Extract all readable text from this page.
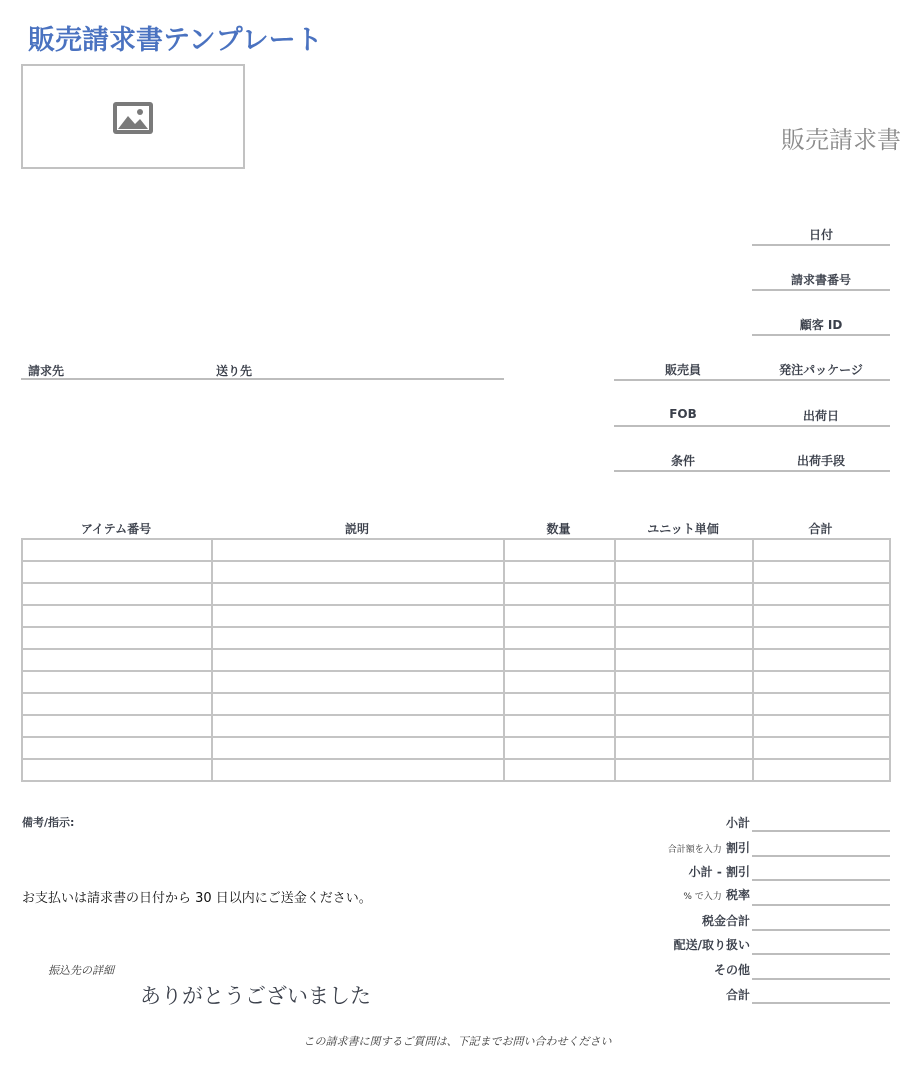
販売請求書テンプレート
販売請求書
日付
請求書番号
顧客 ID
請求先	送り先	販売員	発注パッケージ
FOB	出荷日
条件	出荷手段
アイテム番号	説明	数量	ユニット単価	合計

備考/指示:	小計
合計額を入力 割引
小計 - 割引
% で入力 税率
税金合計
配送/取り扱い
その他
合計
お支払いは請求書の日付から 30 日以内にご送金ください。
振込先の詳細
ありがとうございました
この請求書に関するご質問は、下記までお問い合わせください
